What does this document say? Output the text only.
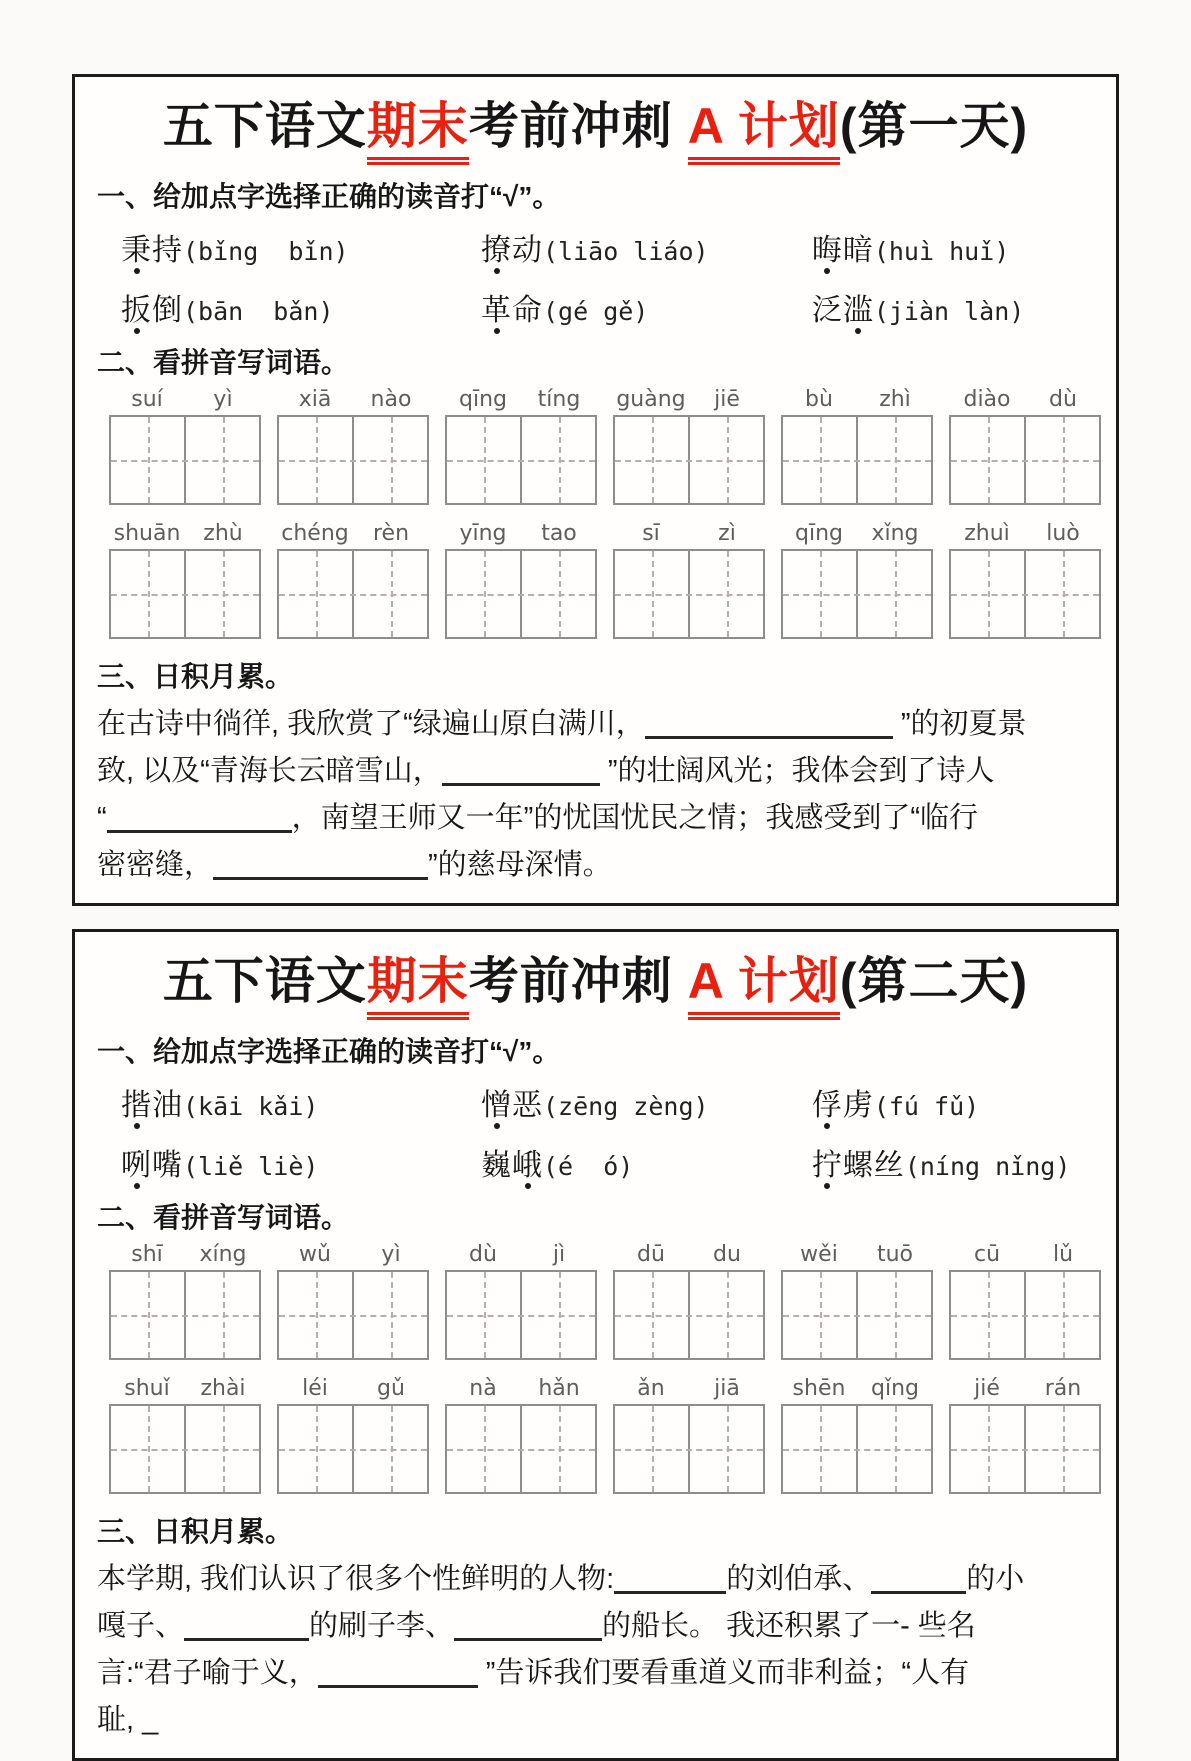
五下语文期末考前冲刺 A 计划(第一天)
一、给加点字选择正确的读音打“√”。
秉持(bǐng  bǐn)	撩动(liāo liáo)	晦暗(huì huǐ)
扳倒(bān  bǎn)	革命(gé gě)	泛滥(jiàn làn)
二、看拼音写词语。
suí	yì	xiā	nào	qīng	tíng	guàng	jiē	bù	zhì	diào	dù
shuān	zhù	chéng	rèn	yīng	tao	sī	zì	qīng	xǐng	zhuì	luò
三、日积月累。
在古诗中徜徉, 我欣赏了“绿遍山原白满川，	”的初夏景
致, 以及“青海长云暗雪山，	”的壮阔风光；我体会到了诗人
“	，南望王师又一年”的忧国忧民之情；我感受到了“临行
密密缝，	”的慈母深情。
五下语文期末考前冲刺 A 计划(第二天)
一、给加点字选择正确的读音打“√”。
揩油(kāi kǎi)	憎恶(zēng zèng)	俘虏(fú fǔ)
咧嘴(liě liè)	巍峨(é  ó)	拧螺丝(níng nǐng)
二、看拼音写词语。
shī	xíng	wǔ	yì	dù	jì	dū	du	wěi	tuō	cū	lǔ
shuǐ	zhài	léi	gǔ	nà	hǎn	ǎn	jiā	shēn	qǐng	jié	rán
三、日积月累。
本学期, 我们认识了很多个性鲜明的人物:	的刘伯承、	的小
嘎子、	的刷子李、	的船长。 我还积累了一- 些名
言:“君子喻于义，	”告诉我们要看重道义而非利益；“人有
耻, _
